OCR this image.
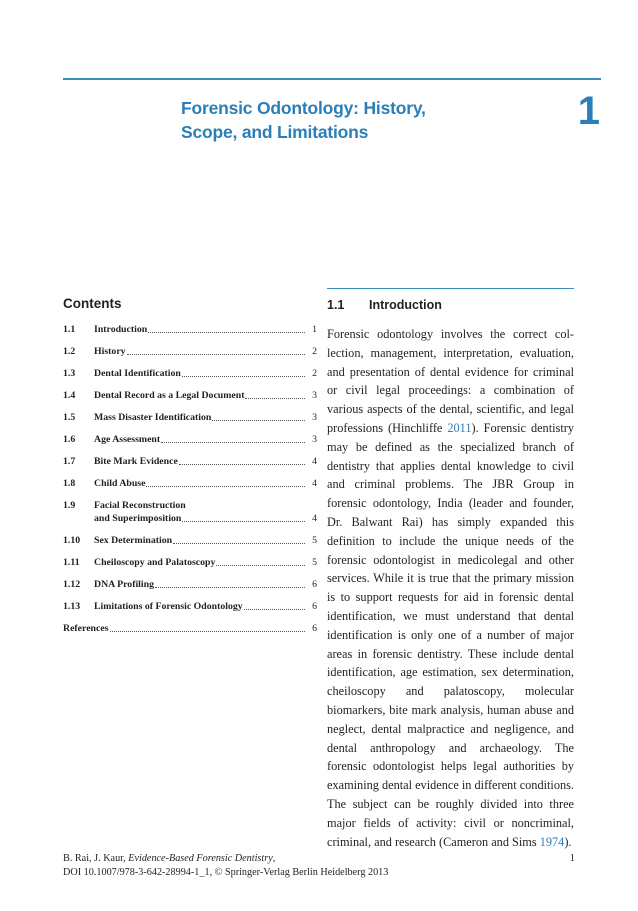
Forensic Odontology: History,
Scope, and Limitations	1
Contents
1.1	Introduction	1
1.2	History	2
1.3	Dental Identification	2
1.4	Dental Record as a Legal Document	3
1.5	Mass Disaster Identification	3
1.6	Age Assessment	3
1.7	Bite Mark Evidence	4
1.8	Child Abuse	4
1.9	Facial Reconstruction
and Superimposition	4
1.10	Sex Determination	5
1.11	Cheiloscopy and Palatoscopy	5
1.12	DNA Profiling	6
1.13	Limitations of Forensic Odontology	6
References	6
1.1	Introduction

Forensic odontology involves the correct collection, management, interpretation, evaluation, and presentation of dental evidence for criminal or civil legal proceedings: a combination of various aspects of the dental, scientific, and legal professions (Hinchliffe 2011). Forensic dentistry may be defined as the specialized branch of dentistry that applies dental knowledge to civil and criminal problems. The JBR Group in forensic odontology, India (leader and founder, Dr. Balwant Rai) has simply expanded this definition to include the unique needs of the forensic odontologist in medicolegal and other services. While it is true that the primary mission is to support requests for aid in forensic dental identification, we must understand that dental identification is only one of a number of major areas in forensic dentistry. These include dental identification, age estimation, sex determination, cheiloscopy and palatoscopy, molecular biomarkers, bite mark analysis, human abuse and neglect, dental malpractice and negligence, and dental anthropology and archaeology. The forensic odontologist helps legal authorities by examining dental evidence in different conditions. The subject can be roughly divided into three major fields of activity: civil or noncriminal, criminal, and research (Cameron and Sims 1974).

B. Rai, J. Kaur, Evidence-Based Forensic Dentistry,
DOI 10.1007/978-3-642-28994-1_1, © Springer-Verlag Berlin Heidelberg 2013
1
